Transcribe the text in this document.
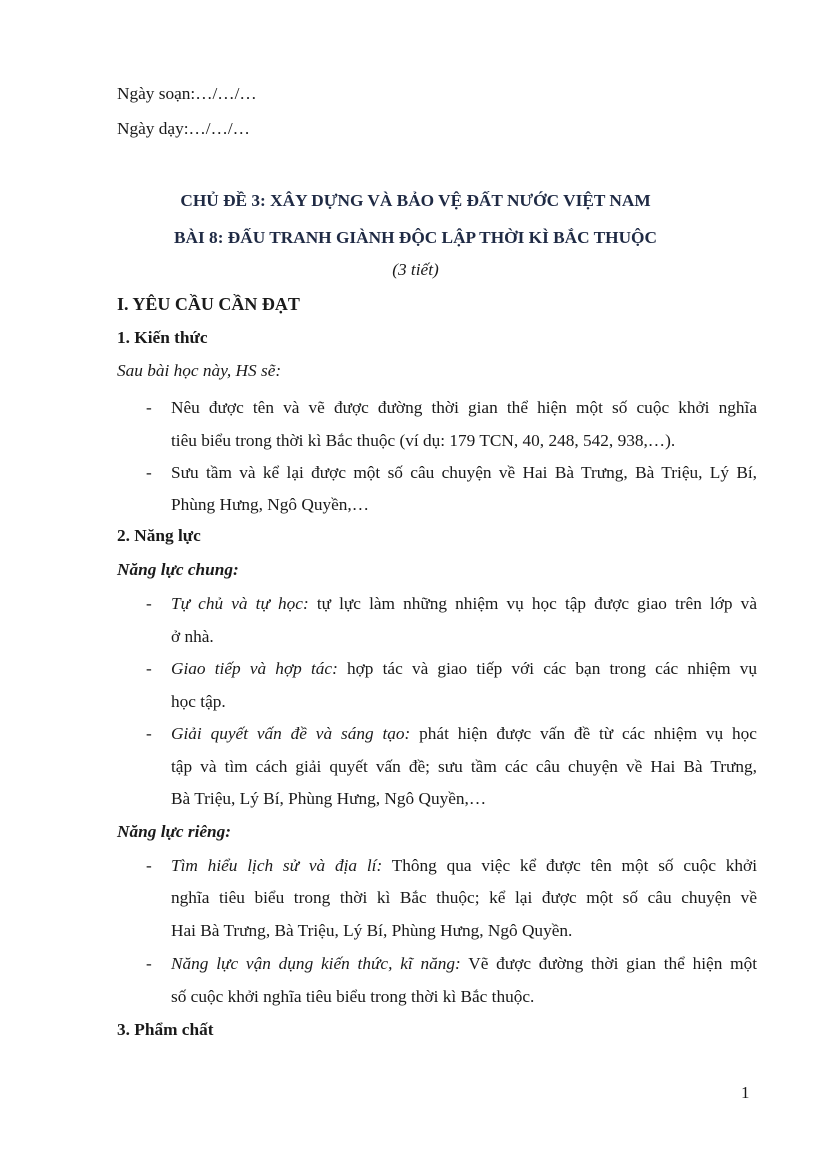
Ngày soạn:…/…/…
Ngày dạy:…/…/…
CHỦ ĐỀ 3: XÂY DỰNG VÀ BẢO VỆ ĐẤT NƯỚC VIỆT NAM
BÀI 8: ĐẤU TRANH GIÀNH ĐỘC LẬP THỜI KÌ BẮC THUỘC
(3 tiết)
I. YÊU CẦU CẦN ĐẠT
1. Kiến thức
Sau bài học này, HS sẽ:
- Nêu được tên và vẽ được đường thời gian thể hiện một số cuộc khởi nghĩa
tiêu biểu trong thời kì Bắc thuộc (ví dụ: 179 TCN, 40, 248, 542, 938,…).
- Sưu tầm và kể lại được một số câu chuyện về Hai Bà Trưng, Bà Triệu, Lý Bí,
Phùng Hưng, Ngô Quyền,…
2. Năng lực
Năng lực chung:
- Tự chủ và tự học: tự lực làm những nhiệm vụ học tập được giao trên lớp và
ở nhà.
- Giao tiếp và hợp tác: hợp tác và giao tiếp với các bạn trong các nhiệm vụ
học tập.
- Giải quyết vấn đề và sáng tạo: phát hiện được vấn đề từ các nhiệm vụ học
tập và tìm cách giải quyết vấn đề; sưu tầm các câu chuyện về Hai Bà Trưng,
Bà Triệu, Lý Bí, Phùng Hưng, Ngô Quyền,…
Năng lực riêng:
- Tìm hiểu lịch sử và địa lí: Thông qua việc kể được tên một số cuộc khởi
nghĩa tiêu biểu trong thời kì Bắc thuộc; kể lại được một số câu chuyện về
Hai Bà Trưng, Bà Triệu, Lý Bí, Phùng Hưng, Ngô Quyền.
- Năng lực vận dụng kiến thức, kĩ năng: Vẽ được đường thời gian thể hiện một
số cuộc khởi nghĩa tiêu biểu trong thời kì Bắc thuộc.
3. Phẩm chất
1
